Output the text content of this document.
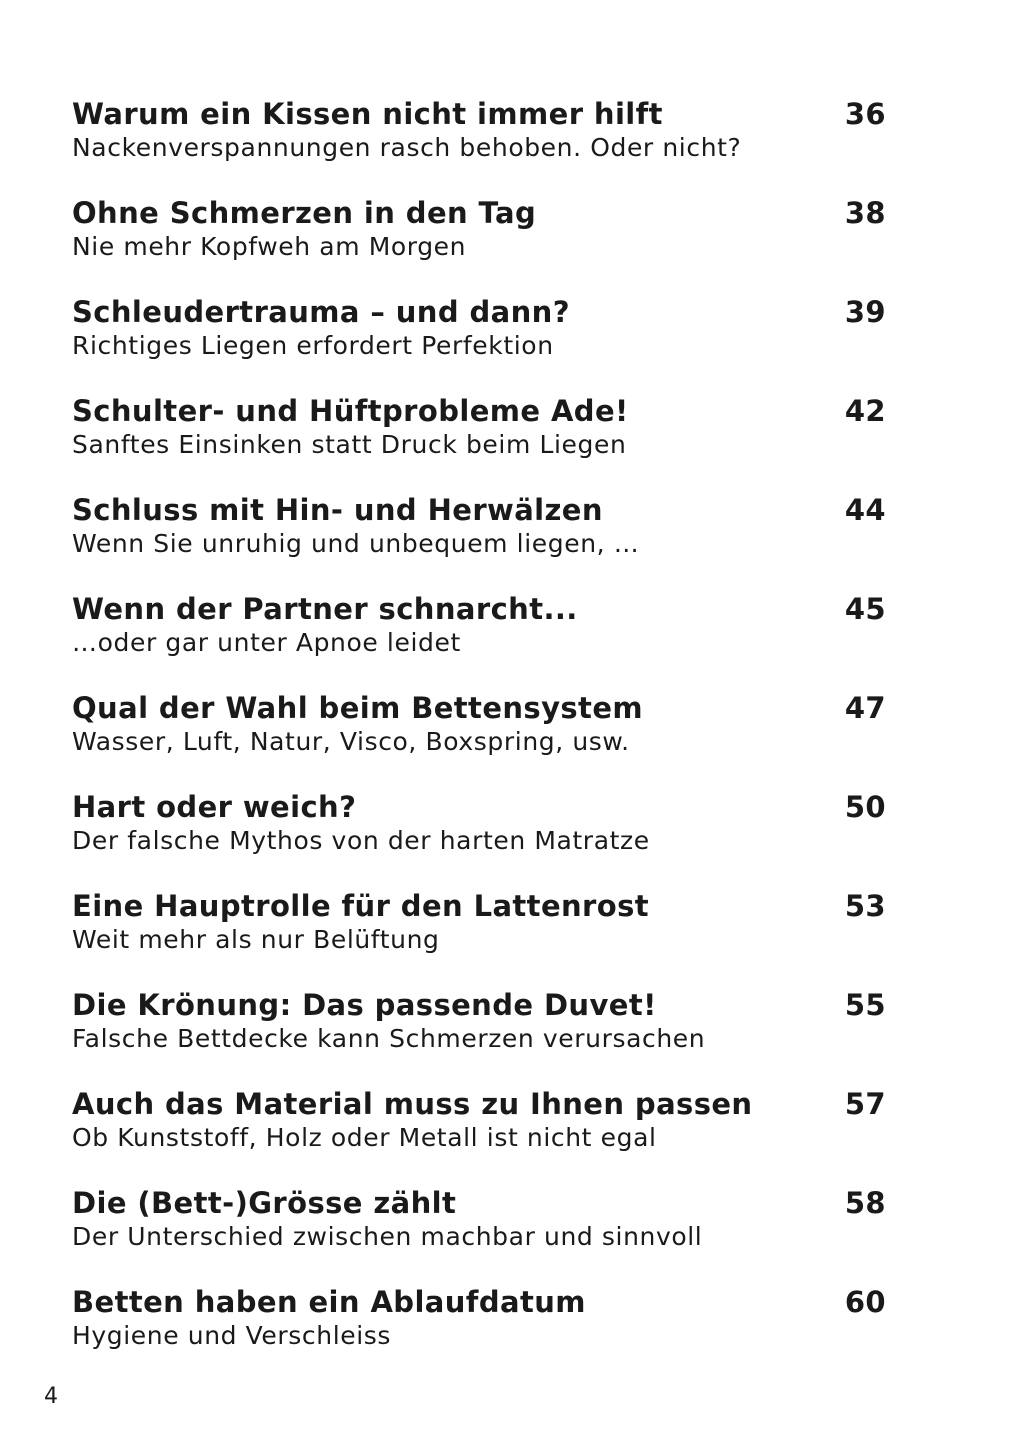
Warum ein Kissen nicht immer hilft	36
Nackenverspannungen rasch behoben. Oder nicht?
Ohne Schmerzen in den Tag	38
Nie mehr Kopfweh am Morgen
Schleudertrauma – und dann?	39
Richtiges Liegen erfordert Perfektion
Schulter- und Hüftprobleme Ade!	42
Sanftes Einsinken statt Druck beim Liegen
Schluss mit Hin- und Herwälzen	44
Wenn Sie unruhig und unbequem liegen, …
Wenn der Partner schnarcht...	45
…oder gar unter Apnoe leidet
Qual der Wahl beim Bettensystem	47
Wasser, Luft, Natur, Visco, Boxspring, usw.
Hart oder weich?	50
Der falsche Mythos von der harten Matratze
Eine Hauptrolle für den Lattenrost	53
Weit mehr als nur Belüftung
Die Krönung: Das passende Duvet!	55
Falsche Bettdecke kann Schmerzen verursachen
Auch das Material muss zu Ihnen passen	57
Ob Kunststoff, Holz oder Metall ist nicht egal
Die (Bett-)Grösse zählt	58
Der Unterschied zwischen machbar und sinnvoll
Betten haben ein Ablaufdatum	60
Hygiene und Verschleiss
4
